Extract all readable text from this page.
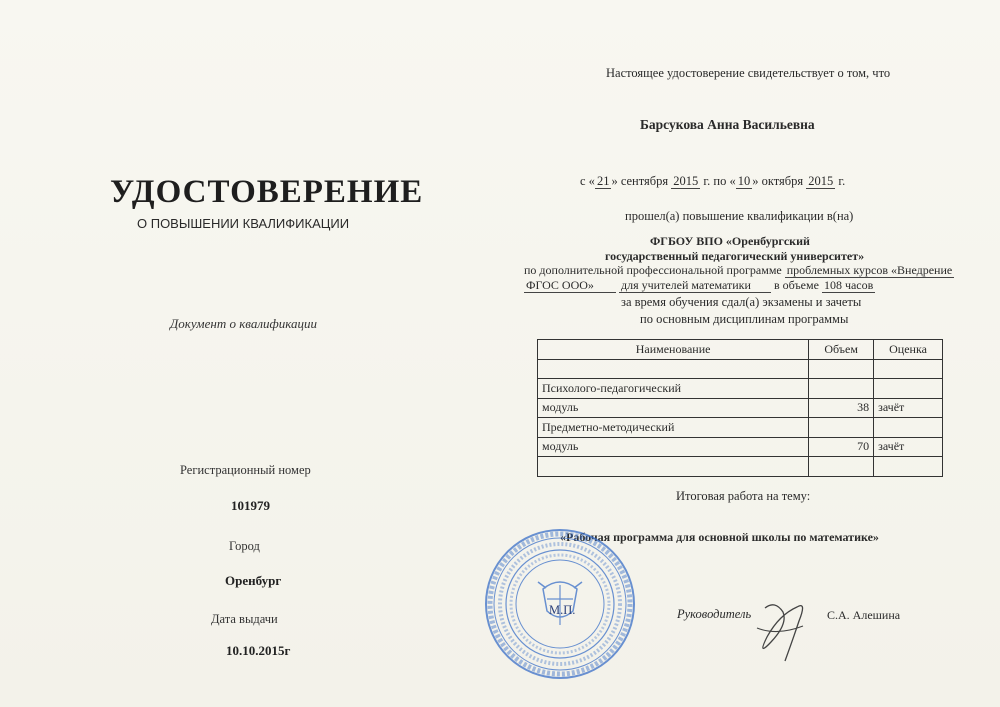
УДОСТОВЕРЕНИЕ
О ПОВЫШЕНИИ КВАЛИФИКАЦИИ
Документ о квалификации
Регистрационный номер
101979
Город
Оренбург
Дата выдачи
10.10.2015г
Настоящее удостоверение свидетельствует о том, что
Барсукова Анна Васильевна
с « 21 » сентября 2015 г. по « 10 » октября 2015 г.
прошел(а) повышение квалификации в(на)
ФГБОУ ВПО «Оренбургский
государственный педагогический университет»
по дополнительной профессиональной программе проблемных курсов «Внедрение
ФГОС ООО» для учителей математики в объеме 108 часов
за время обучения сдал(а) экзамены и зачеты
по основным дисциплинам программы
Наименование	Объем	Оценка

Психолого-педагогический		
модуль	38	зачёт
Предметно-методический		
модуль	70	зачёт

Итоговая работа на тему:
«Рабочая программа для основной школы по математике»
М.П.	Руководитель	С.А. Алешина
